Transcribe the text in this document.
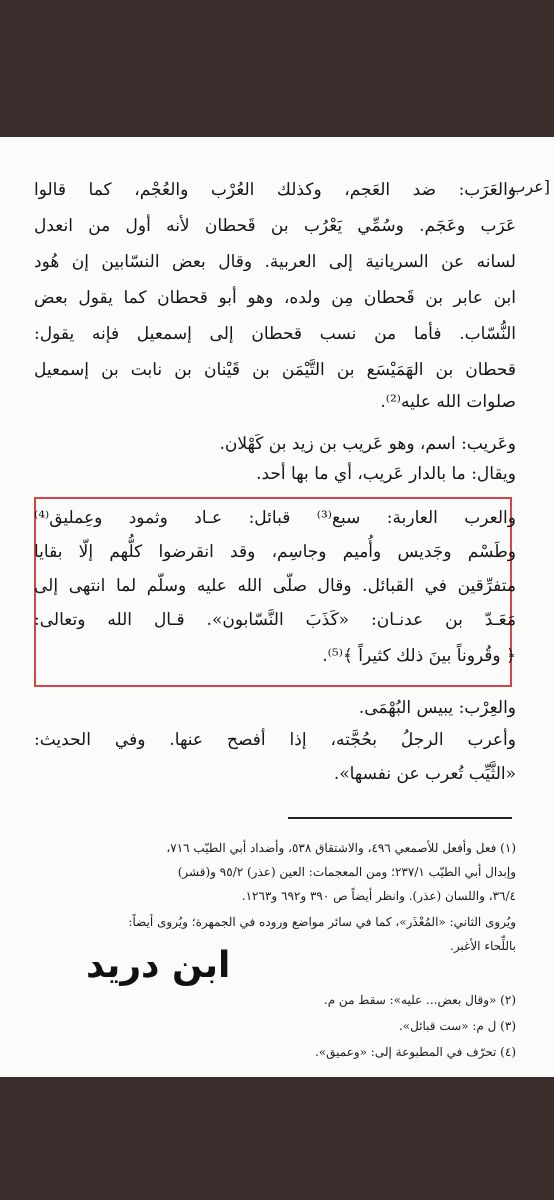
[عرب
والعَرَب: ضد العَجم، وكذلك العُرْب والعُجْم، كما قالوا
عَرَب وعَجَم. وسُمِّي يَعْرُب بن قَحطان لأنه أول من انعدل
لسانه عن السريانية إلى العربية. وقال بعض النسّابين إن هُود
ابن عابر بن قَحطان مِن ولده، وهو أبو قحطان كما يقول بعض
النُّسّاب. فأما من نسب قحطان إلى إسمعيل فإنه يقول:
قحطان بن الهَمَيْسَع بن التَّيْمَن بن قَيْنان بن نابت بن إسمعيل
صلوات الله عليه⁽²⁾.
وعَريب: اسم، وهو عَريب بن زيد بن كَهْلان.
ويقال: ما بالدار عَريب، أي ما بها أحد.
والعرب العاربة: سبع⁽³⁾ قبائل: عـاد وثمود وعِمليق⁽⁴⁾
وطَسْم وجَديس وأُميم وجاسِم، وقد انقرضوا كلُّهم إلّا بقايا
متفرِّقين في القبائل. وقال صلّى الله عليه وسلّم لما انتهى إلى
مَعَـدّ بن عدنـان: «كَذَبَ النَّسّابون». قـال الله وتعالى:
﴿ وقُروناً بينَ ذلك كثيراً ﴾⁽⁵⁾.
والعِرْب: يبيس البُهْمَى.
وأعرب الرجلُ بحُجَّته، إذا أفصح عنها. وفي الحديث:
«الثَّيِّب تُعرب عن نفسها».
(١) فعل وأفعل للأصمعي ٤٩٦، والاشتقاق ٥٣٨، وأضداد أبي الطيّب ٧١٦،
وإبدال أبي الطيّب ٢٣٧/١؛ ومن المعجمات: العين (عذر) ٩٥/٢ و(قشر)
٣٦/٤، واللسان (عذر). وانظر أيضاً ص ٣٩٠ و٦٩٢ و١٢٦٣.
ويُروى الثاني: «المُعْذَر»، كما في سائر مواضع وروده في الجمهرة؛ ويُروى أيضاً:
باللِّحاء الأغبر.
(٢) «وقال بعض... عليه»: سقط من م.
(٣) ل م: «ست قبائل».
(٤) تحرّف في المطبوعة إلى: «وعميق».
ابن دريد
